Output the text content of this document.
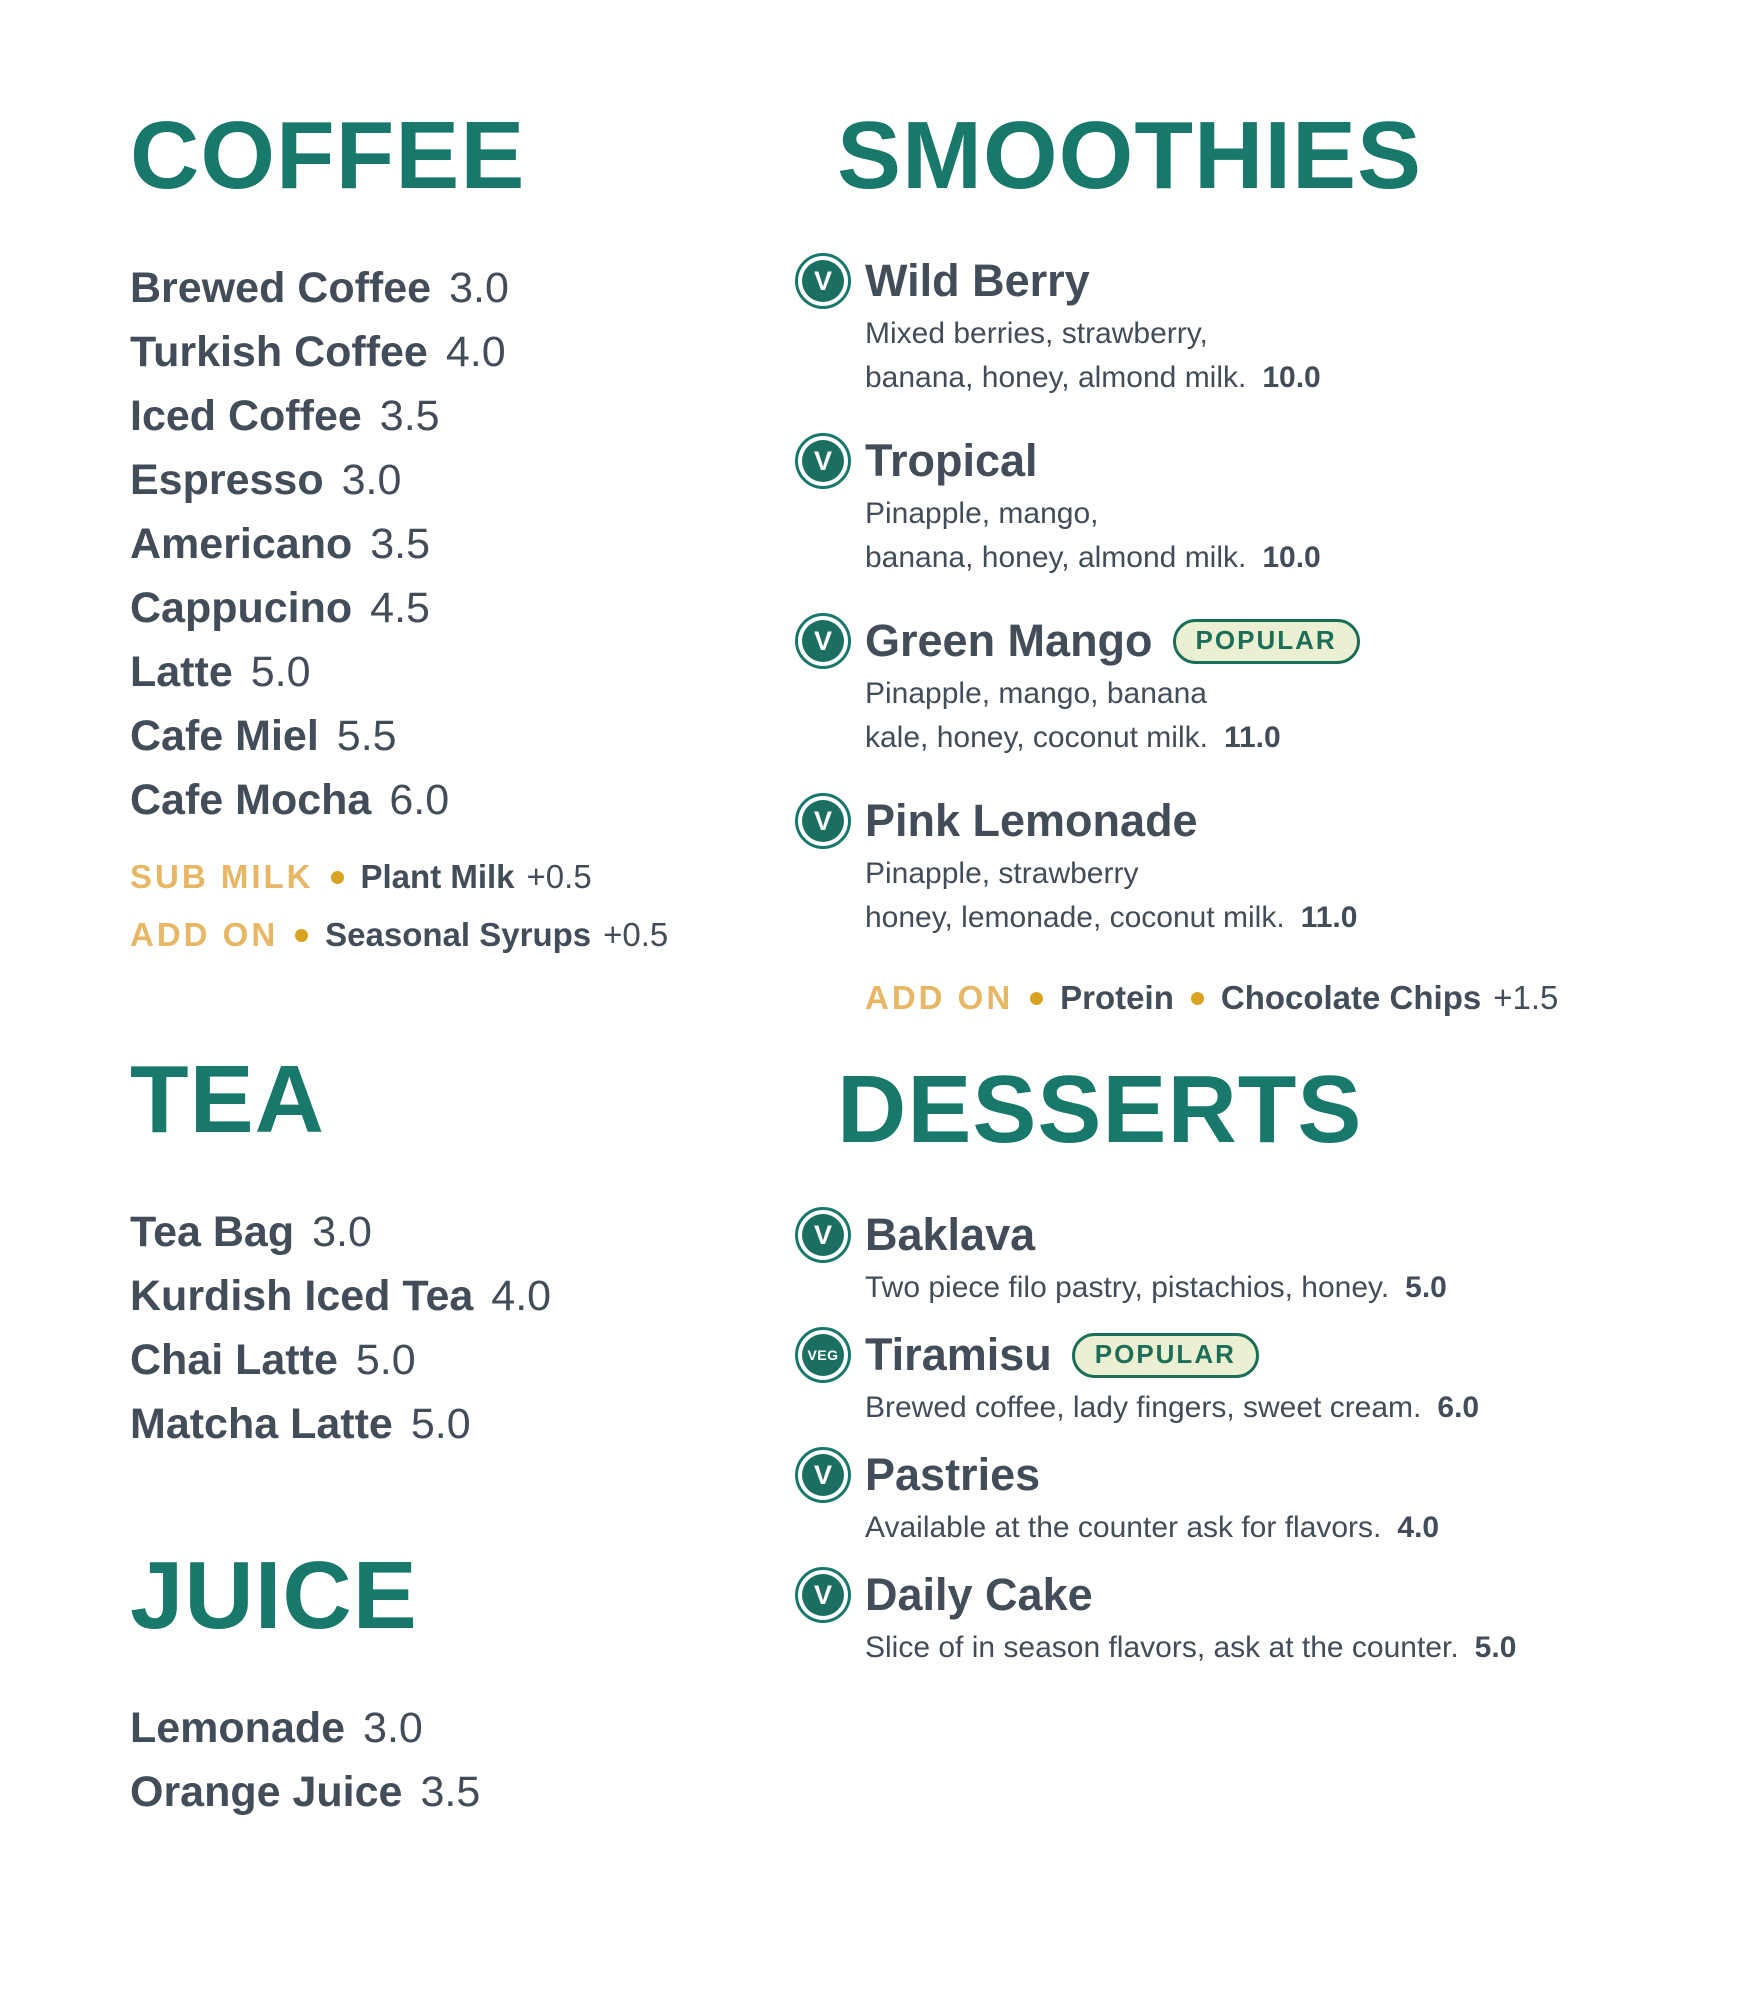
COFFEE
Brewed Coffee 3.0
Turkish Coffee 4.0
Iced Coffee 3.5
Espresso 3.0
Americano 3.5
Cappucino 4.5
Latte 5.0
Cafe Miel 5.5
Cafe Mocha 6.0
SUB MILK Plant Milk +0.5
ADD ON Seasonal Syrups +0.5
TEA
Tea Bag 3.0
Kurdish Iced Tea 4.0
Chai Latte 5.0
Matcha Latte 5.0
JUICE
Lemonade 3.0
Orange Juice 3.5
SMOOTHIES
V Wild Berry
Mixed berries, strawberry,
banana, honey, almond milk. 10.0
V Tropical
Pinapple, mango,
banana, honey, almond milk. 10.0
V Green Mango	POPULAR
Pinapple, mango, banana
kale, honey, coconut milk. 11.0
V Pink Lemonade
Pinapple, strawberry
honey, lemonade, coconut milk. 11.0
ADD ON Protein Chocolate Chips +1.5
DESSERTS
V Baklava
Two piece filo pastry, pistachios, honey. 5.0
VEG Tiramisu	POPULAR
Brewed coffee, lady fingers, sweet cream. 6.0
V Pastries
Available at the counter ask for flavors. 4.0
V Daily Cake
Slice of in season flavors, ask at the counter. 5.0
